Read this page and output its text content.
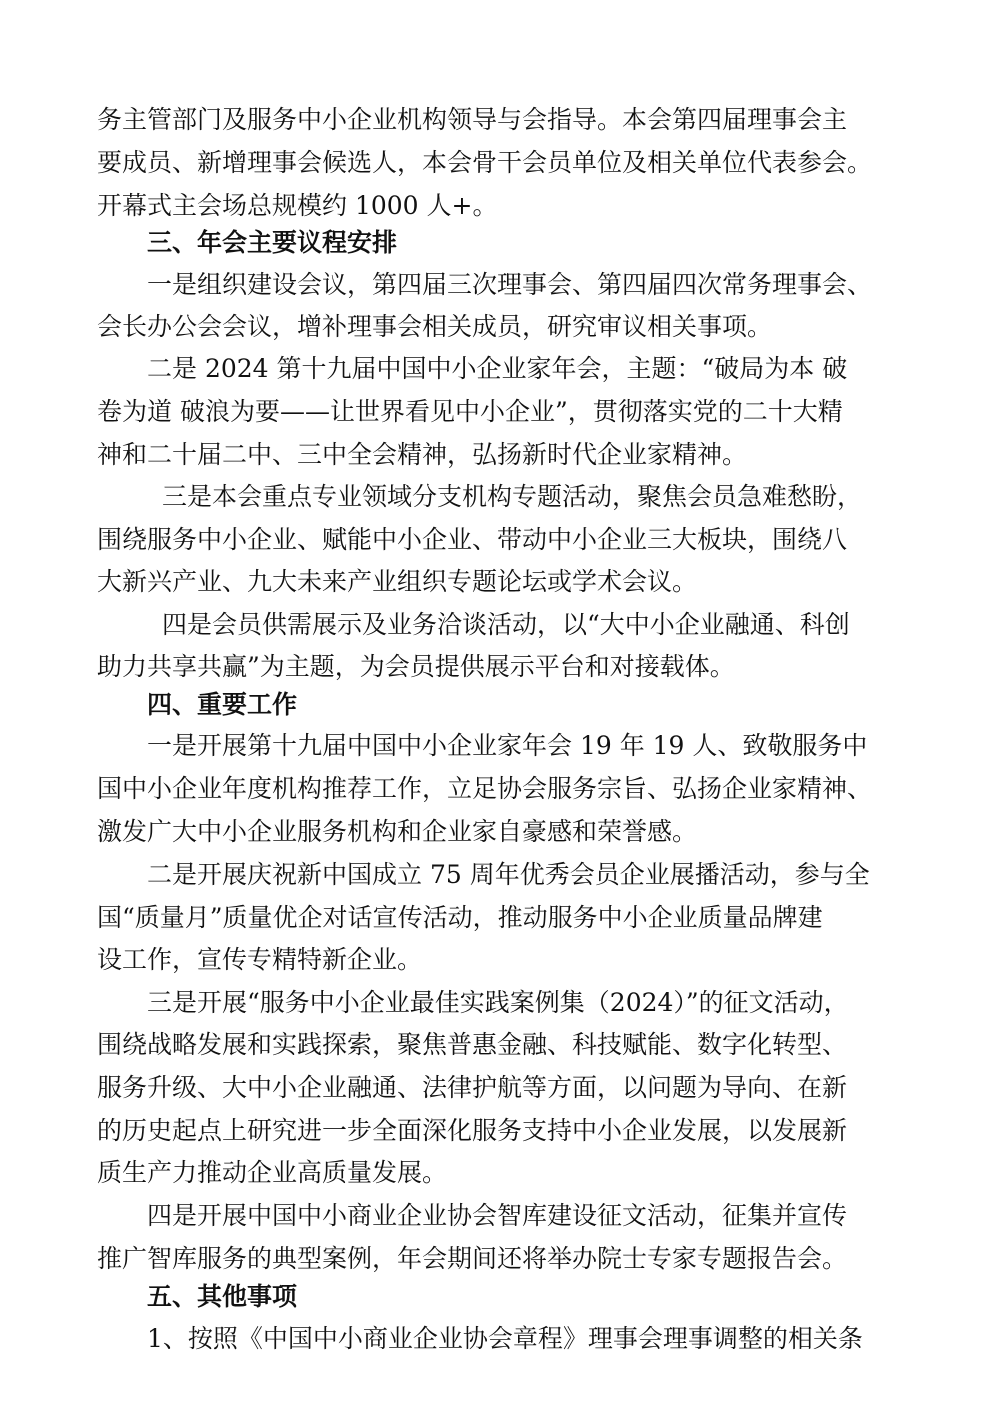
务主管部门及服务中小企业机构领导与会指导。本会第四届理事会主
要成员、新增理事会候选人，本会骨干会员单位及相关单位代表参会。
开幕式主会场总规模约 1000 人+。
三、年会主要议程安排
一是组织建设会议，第四届三次理事会、第四届四次常务理事会、
会长办公会会议，增补理事会相关成员，研究审议相关事项。
二是 2024 第十九届中国中小企业家年会，主题：“破局为本 破
卷为道 破浪为要——让世界看见中小企业”，贯彻落实党的二十大精
神和二十届二中、三中全会精神，弘扬新时代企业家精神。
三是本会重点专业领域分支机构专题活动，聚焦会员急难愁盼，
围绕服务中小企业、赋能中小企业、带动中小企业三大板块，围绕八
大新兴产业、九大未来产业组织专题论坛或学术会议。
四是会员供需展示及业务洽谈活动，以“大中小企业融通、科创
助力共享共赢”为主题，为会员提供展示平台和对接载体。
四、重要工作
一是开展第十九届中国中小企业家年会 19 年 19 人、致敬服务中
国中小企业年度机构推荐工作，立足协会服务宗旨、弘扬企业家精神、
激发广大中小企业服务机构和企业家自豪感和荣誉感。
二是开展庆祝新中国成立 75 周年优秀会员企业展播活动，参与全
国“质量月”质量优企对话宣传活动，推动服务中小企业质量品牌建
设工作，宣传专精特新企业。
三是开展“服务中小企业最佳实践案例集（2024）”的征文活动，
围绕战略发展和实践探索，聚焦普惠金融、科技赋能、数字化转型、
服务升级、大中小企业融通、法律护航等方面，以问题为导向、在新
的历史起点上研究进一步全面深化服务支持中小企业发展，以发展新
质生产力推动企业高质量发展。
四是开展中国中小商业企业协会智库建设征文活动，征集并宣传
推广智库服务的典型案例，年会期间还将举办院士专家专题报告会。
五、其他事项
1、按照《中国中小商业企业协会章程》理事会理事调整的相关条
